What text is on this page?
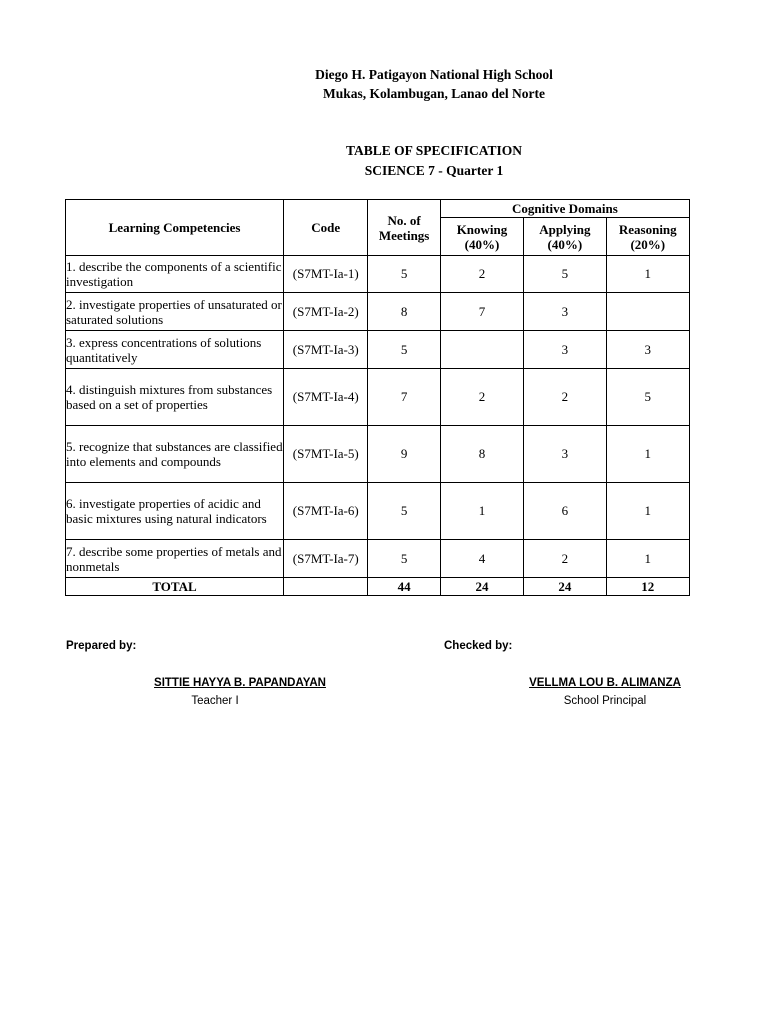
Diego H. Patigayon National High School
Mukas, Kolambugan, Lanao del Norte
TABLE OF SPECIFICATION
SCIENCE 7 - Quarter 1
Learning Competencies	Code	No. of Meetings	Cognitive Domains		
			Knowing (40%)	Applying (40%)	Reasoning (20%)
1. describe the components of a scientific investigation	(S7MT-Ia-1)	5	2	5	1
2. investigate properties of unsaturated or saturated solutions	(S7MT-Ia-2)	8	7	3	
3. express concentrations of solutions quantitatively	(S7MT-Ia-3)	5		3	3
4. distinguish mixtures from substances based on a set of properties	(S7MT-Ia-4)	7	2	2	5
5. recognize that substances are classified into elements and compounds	(S7MT-Ia-5)	9	8	3	1
6. investigate properties of acidic and basic mixtures using natural indicators	(S7MT-Ia-6)	5	1	6	1
7. describe some properties of metals and nonmetals	(S7MT-Ia-7)	5	4	2	1
TOTAL		44	24	24	12
Prepared by:	Checked by:
SITTIE HAYYA B. PAPANDAYAN
Teacher I
VELLMA LOU B. ALIMANZA
School Principal
